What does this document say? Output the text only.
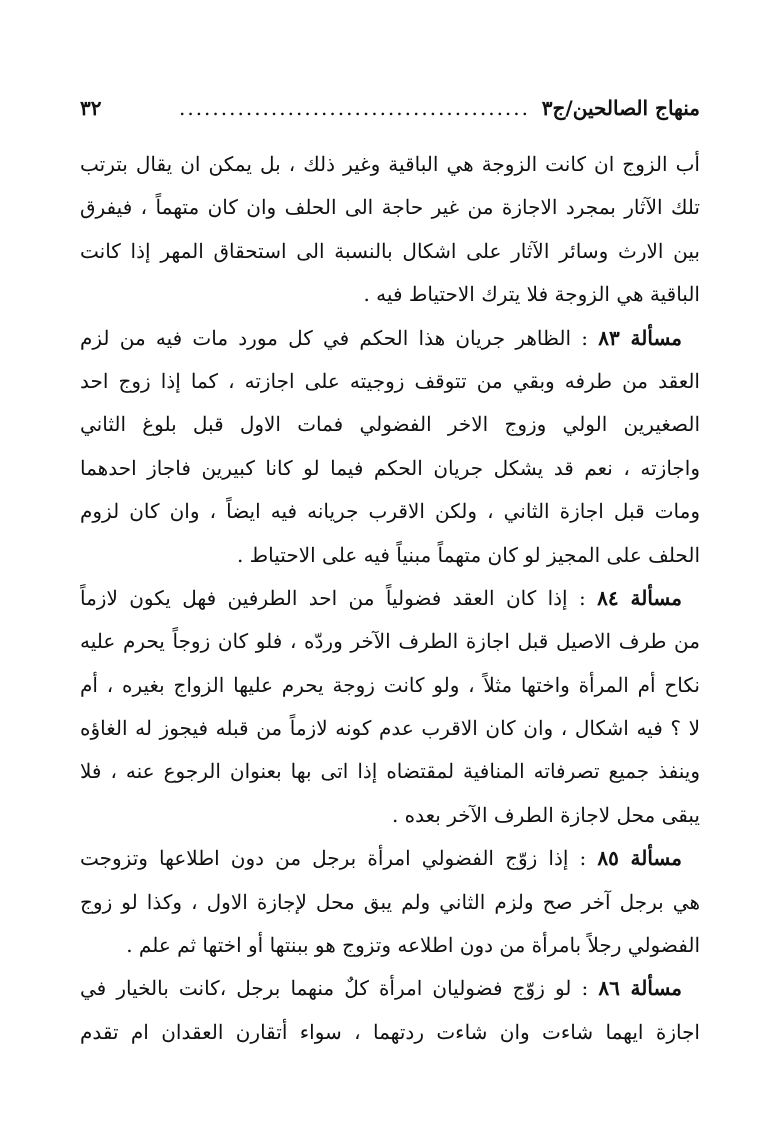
منهاج الصالحين/ج٣
..........................................
٣٢
أب الزوج ان كانت الزوجة هي الباقية وغير ذلك ، بل يمكن ان يقال بترتب
تلك الآثار بمجرد الاجازة من غير حاجة الى الحلف وان كان متهماً ، فيفرق
بين الارث وسائر الآثار على اشكال بالنسبة الى استحقاق المهر إذا كانت
الباقية هي الزوجة فلا يترك الاحتياط فيه .
مسألة ٨٣ : الظاهر جريان هذا الحكم في كل مورد مات فيه من لزم
العقد من طرفه وبقي من تتوقف زوجيته على اجازته ، كما إذا زوج احد
الصغيرين الولي وزوج الاخر الفضولي فمات الاول قبل بلوغ الثاني
واجازته ، نعم قد يشكل جريان الحكم فيما لو كانا كبيرين فاجاز احدهما
ومات قبل اجازة الثاني ، ولكن الاقرب جريانه فيه ايضاً ، وان كان لزوم
الحلف على المجيز لو كان متهماً مبنياً فيه على الاحتياط .
مسألة ٨٤ : إذا كان العقد فضولياً من احد الطرفين فهل يكون لازماً
من طرف الاصيل قبل اجازة الطرف الآخر وردّه ، فلو كان زوجاً يحرم عليه
نكاح أم المرأة واختها مثلاً ، ولو كانت زوجة يحرم عليها الزواج بغيره ، أم
لا ؟ فيه اشكال ، وان كان الاقرب عدم كونه لازماً من قبله فيجوز له الغاؤه
وينفذ جميع تصرفاته المنافية لمقتضاه إذا اتى بها بعنوان الرجوع عنه ، فلا
يبقى محل لاجازة الطرف الآخر بعده .
مسألة ٨٥ : إذا زوّج الفضولي امرأة برجل من دون اطلاعها وتزوجت
هي برجل آخر صح ولزم الثاني ولم يبق محل لإجازة الاول ، وكذا لو زوج
الفضولي رجلاً بامرأة من دون اطلاعه وتزوج هو ببنتها أو اختها ثم علم .
مسألة ٨٦ : لو زوّج فضوليان امرأة كلٌ منهما برجل ،كانت بالخيار في
اجازة ايهما شاءت وان شاءت ردتهما ، سواء أتقارن العقدان ام تقدم
